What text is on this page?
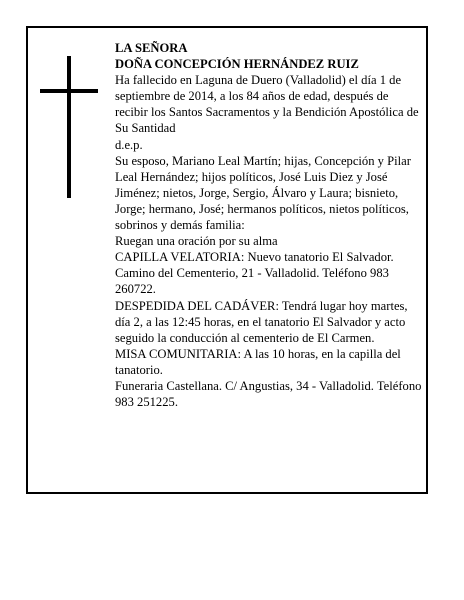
LA SEÑORA

DOÑA CONCEPCIÓN HERNÁNDEZ RUIZ

Ha fallecido en Laguna de Duero (Valladolid) el día 1 de septiembre de 2014, a los 84 años de edad, después de recibir los Santos Sacramentos y la Bendición Apostólica de Su Santidad

d.e.p.

Su esposo, Mariano Leal Martín; hijas, Concepción y Pilar Leal Hernández; hijos políticos, José Luis Diez y José Jiménez; nietos, Jorge, Sergio, Álvaro y Laura; bisnieto, Jorge; hermano, José; hermanos políticos, nietos políticos, sobrinos y demás familia:

Ruegan una oración por su alma

CAPILLA VELATORIA: Nuevo tanatorio El Salvador. Camino del Cementerio, 21 - Valladolid. Teléfono 983 260722.

DESPEDIDA DEL CADÁVER: Tendrá lugar hoy martes, día 2, a las 12:45 horas, en el tanatorio El Salvador y acto seguido la conducción al cementerio de El Carmen.

MISA COMUNITARIA: A las 10 horas, en la capilla del tanatorio.

Funeraria Castellana. C/ Angustias, 34 - Valladolid. Teléfono 983 251225.
